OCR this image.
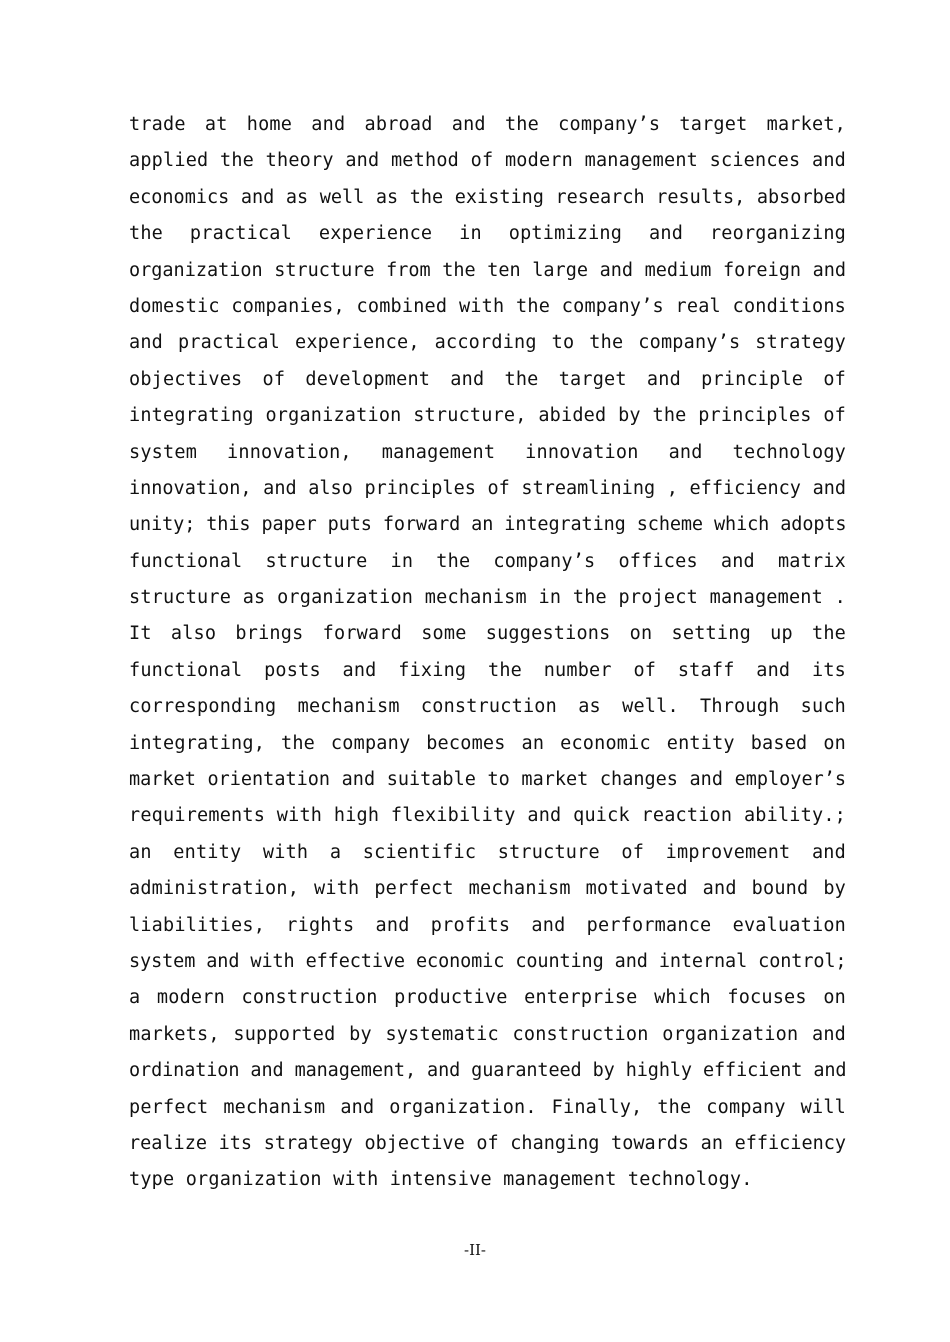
trade at home and abroad and the company’s target market,
applied the theory and method of modern management sciences and
economics and as well as the existing research results, absorbed
the practical experience in optimizing and reorganizing
organization structure from the ten large and medium foreign and
domestic companies, combined with the company’s real conditions
and practical experience, according to the company’s strategy
objectives of development and the target and principle of
integrating organization structure, abided by the principles of
system innovation, management innovation and technology
innovation, and also principles of streamlining , efficiency and
unity; this paper puts forward an integrating scheme which adopts
functional structure in the company’s offices and matrix
structure as organization mechanism in the project management .
It also brings forward some suggestions on setting up the
functional posts and fixing the number of staff and its
corresponding mechanism construction as well. Through such
integrating, the company becomes an economic entity based on
market orientation and suitable to market changes and employer’s
requirements with high flexibility and quick reaction ability.;
an entity with a scientific structure of improvement and
administration, with perfect mechanism motivated and bound by
liabilities, rights and profits and performance evaluation
system and with effective economic counting and internal control;
a modern construction productive enterprise which focuses on
markets, supported by systematic construction organization and
ordination and management, and guaranteed by highly efficient and
perfect mechanism and organization. Finally, the company will
realize its strategy objective of changing towards an efficiency
type organization with intensive management technology.
-II-
